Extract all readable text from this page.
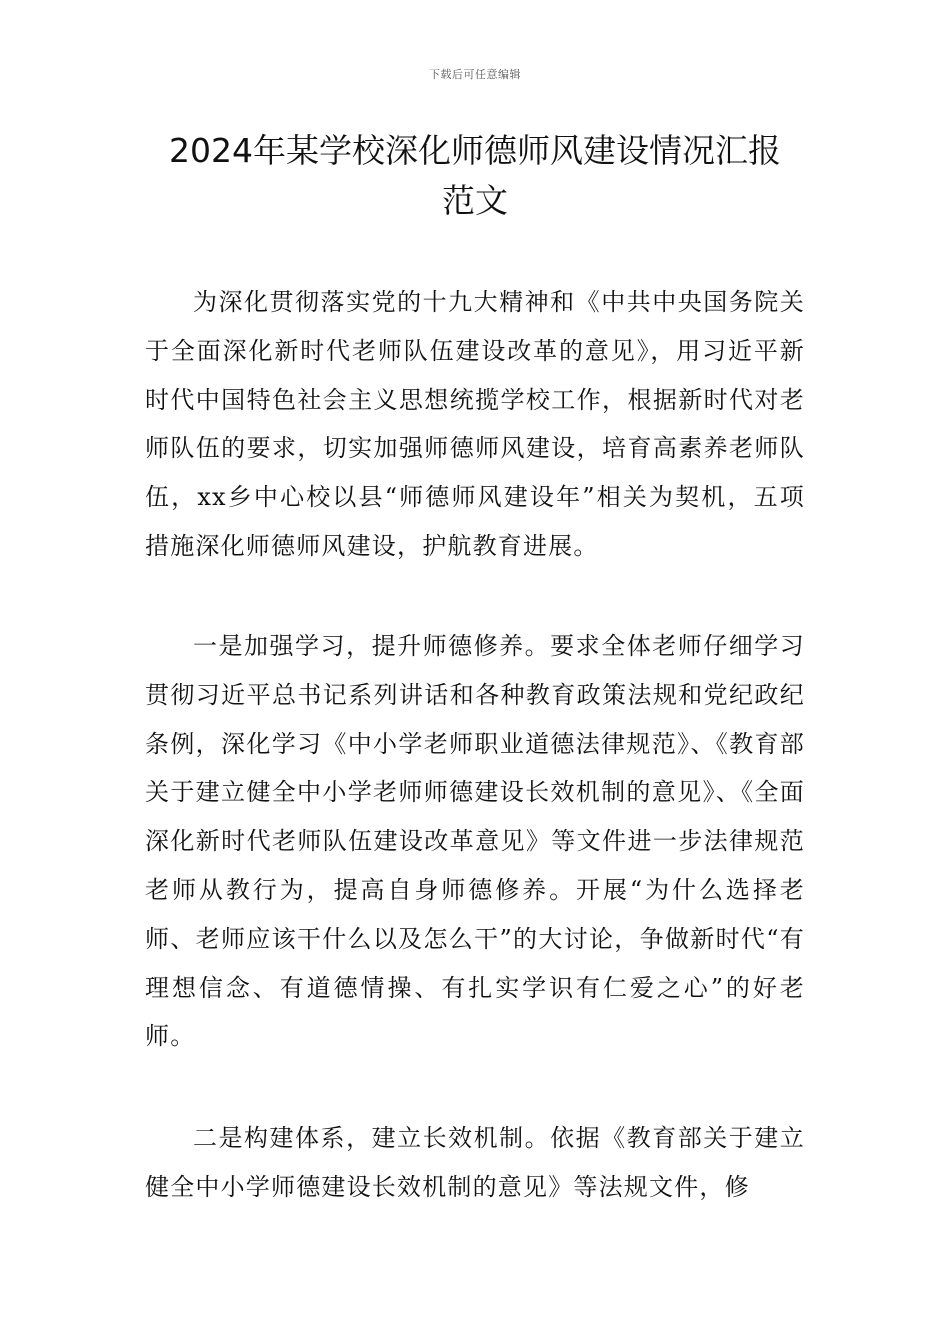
下载后可任意编辑
2024年某学校深化师德师风建设情况汇报
范文

为深化贯彻落实党的十九大精神和《中共中央国务院关于全面深化新时代老师队伍建设改革的意见》，用习近平新时代中国特色社会主义思想统揽学校工作，根据新时代对老师队伍的要求，切实加强师德师风建设，培育高素养老师队伍，xx乡中心校以县“师德师风建设年”相关为契机，五项措施深化师德师风建设，护航教育进展。

一是加强学习，提升师德修养。要求全体老师仔细学习贯彻习近平总书记系列讲话和各种教育政策法规和党纪政纪条例，深化学习《中小学老师职业道德法律规范》、《教育部关于建立健全中小学老师师德建设长效机制的意见》、《全面深化新时代老师队伍建设改革意见》等文件进一步法律规范老师从教行为，提高自身师德修养。开展“为什么选择老师、老师应该干什么以及怎么干”的大讨论，争做新时代“有理想信念、有道德情操、有扎实学识有仁爱之心”的好老师。

二是构建体系，建立长效机制。依据《教育部关于建立健全中小学师德建设长效机制的意见》等法规文件，修
